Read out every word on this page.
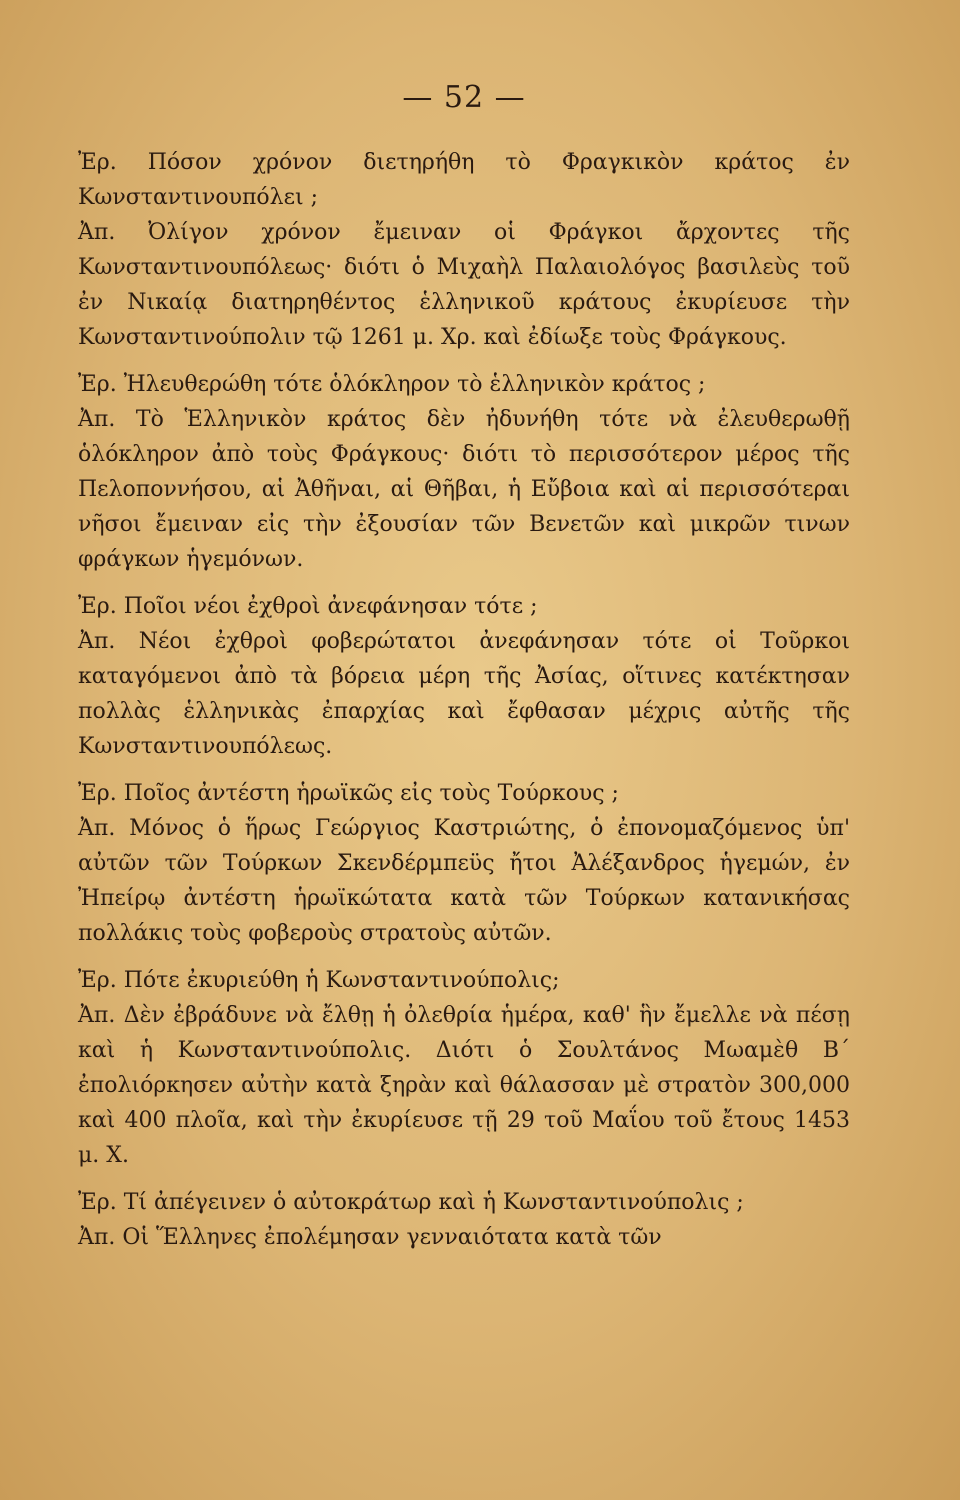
— 52 —

Ἐρ. Πόσον χρόνον διετηρήθη τὸ Φραγκικὸν κράτος ἐν Κωνσταντινουπόλει ;

Ἀπ. Ὀλίγον χρόνον ἔμειναν οἱ Φράγκοι ἄρχοντες τῆς Κωνσταντινουπόλεως· διότι ὁ Μιχαὴλ Παλαιολόγος βασιλεὺς τοῦ ἐν Νικαίᾳ διατηρηθέντος ἑλληνικοῦ κράτους ἐκυρίευσε τὴν Κωνσταντινούπολιν τῷ 1261 μ. Χρ. καὶ ἐδίωξε τοὺς Φράγκους.

Ἐρ. Ἠλευθερώθη τότε ὁλόκληρον τὸ ἑλληνικὸν κράτος ;

Ἀπ. Τὸ Ἑλληνικὸν κράτος δὲν ἠδυνήθη τότε νὰ ἐλευθερωθῇ ὁλόκληρον ἀπὸ τοὺς Φράγκους· διότι τὸ περισσότερον μέρος τῆς Πελοποννήσου, αἱ Ἀθῆναι, αἱ Θῆβαι, ἡ Εὔβοια καὶ αἱ περισσότεραι νῆσοι ἔμειναν εἰς τὴν ἐξουσίαν τῶν Βενετῶν καὶ μικρῶν τινων φράγκων ἡγεμόνων.

Ἐρ. Ποῖοι νέοι ἐχθροὶ ἀνεφάνησαν τότε ;

Ἀπ. Νέοι ἐχθροὶ φοβερώτατοι ἀνεφάνησαν τότε οἱ Τοῦρκοι καταγόμενοι ἀπὸ τὰ βόρεια μέρη τῆς Ἀσίας, οἵτινες κατέκτησαν πολλὰς ἑλληνικὰς ἐπαρχίας καὶ ἔφθασαν μέχρις αὐτῆς τῆς Κωνσταντινουπόλεως.

Ἐρ. Ποῖος ἀντέστη ἡρωϊκῶς εἰς τοὺς Τούρκους ;

Ἀπ. Μόνος ὁ ἥρως Γεώργιος Καστριώτης, ὁ ἐπονομαζόμενος ὑπ' αὐτῶν τῶν Τούρκων Σκενδέρμπεϋς ἤτοι Ἀλέξανδρος ἡγεμών, ἐν Ἠπείρῳ ἀντέστη ἡρωϊκώτατα κατὰ τῶν Τούρκων κατανικήσας πολλάκις τοὺς φοβεροὺς στρατοὺς αὐτῶν.

Ἐρ. Πότε ἐκυριεύθη ἡ Κωνσταντινούπολις;

Ἀπ. Δὲν ἐβράδυνε νὰ ἔλθῃ ἡ ὀλεθρία ἡμέρα, καθ' ἣν ἔμελλε νὰ πέσῃ καὶ ἡ Κωνσταντινούπολις. Διότι ὁ Σουλτάνος Μωαμὲθ Β΄ ἐπολιόρκησεν αὐτὴν κατὰ ξηρὰν καὶ θάλασσαν μὲ στρατὸν 300,000 καὶ 400 πλοῖα, καὶ τὴν ἐκυρίευσε τῇ 29 τοῦ Μαΐου τοῦ ἔτους 1453 μ. Χ.

Ἐρ. Τί ἀπέγεινεν ὁ αὐτοκράτωρ καὶ ἡ Κωνσταντινούπολις ;

Ἀπ. Οἱ Ἕλληνες ἐπολέμησαν γενναιότατα κατὰ τῶν
